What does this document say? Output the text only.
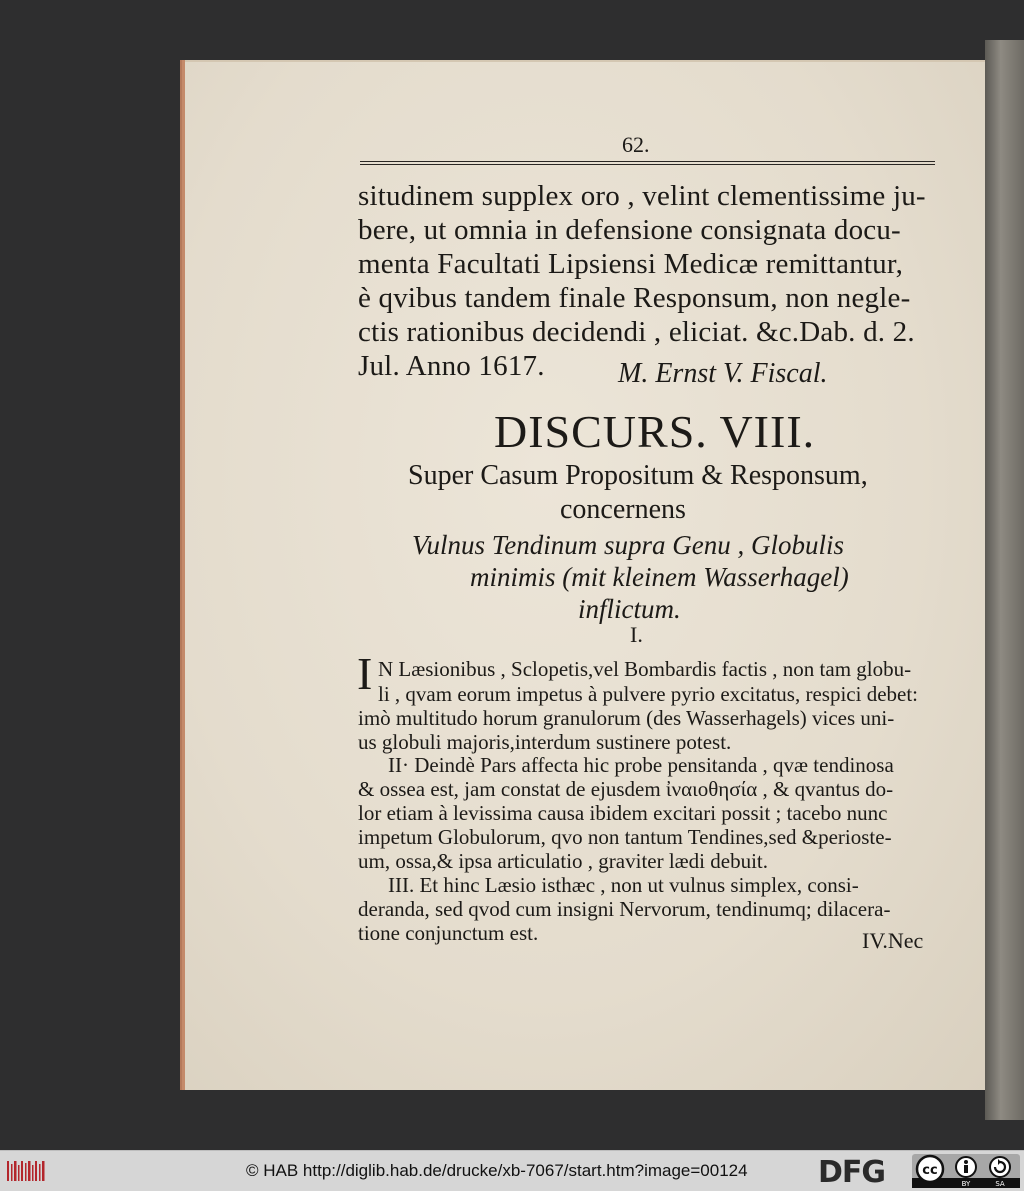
62.
situdinem supplex oro , velint clementissime ju-
bere, ut omnia in defensione consignata docu-
menta Facultati Lipsiensi Medicæ remittantur,
è qvibus tandem finale Responsum, non negle-
ctis rationibus decidendi , eliciat. &c.Dab. d. 2.
Jul. Anno 1617.	M. Ernst V. Fiscal.
DISCURS. VIII.
Super Casum Propositum & Responsum,
concernens
Vulnus Tendinum supra Genu , Globulis
minimis (mit kleinem Wasserhagel)
inflictum.
I.
I N Læsionibus , Sclopetis,vel Bombardis factis , non tam globu-
li , qvam eorum impetus à pulvere pyrio excitatus, respici debet:
imò multitudo horum granulorum (des Wasserhagels) vices uni-
us globuli majoris,interdum sustinere potest.
II· Deindè Pars affecta hic probe pensitanda , qvæ tendinosa
& ossea est, jam constat de ejusdem ἰναιοθησία , & qvantus do-
lor etiam à levissima causa ibidem excitari possit ; tacebo nunc
impetum Globulorum, qvo non tantum Tendines,sed &perioste-
um, ossa,& ipsa articulatio , graviter lædi debuit.
III. Et hinc Læsio isthæc , non ut vulnus simplex, consi-
deranda, sed qvod cum insigni Nervorum, tendinumq; dilacera-
tione conjunctum est.	IV.Nec
© HAB http://diglib.hab.de/drucke/xb-7067/start.htm?image=00124 DFG	cc
BY	SA
